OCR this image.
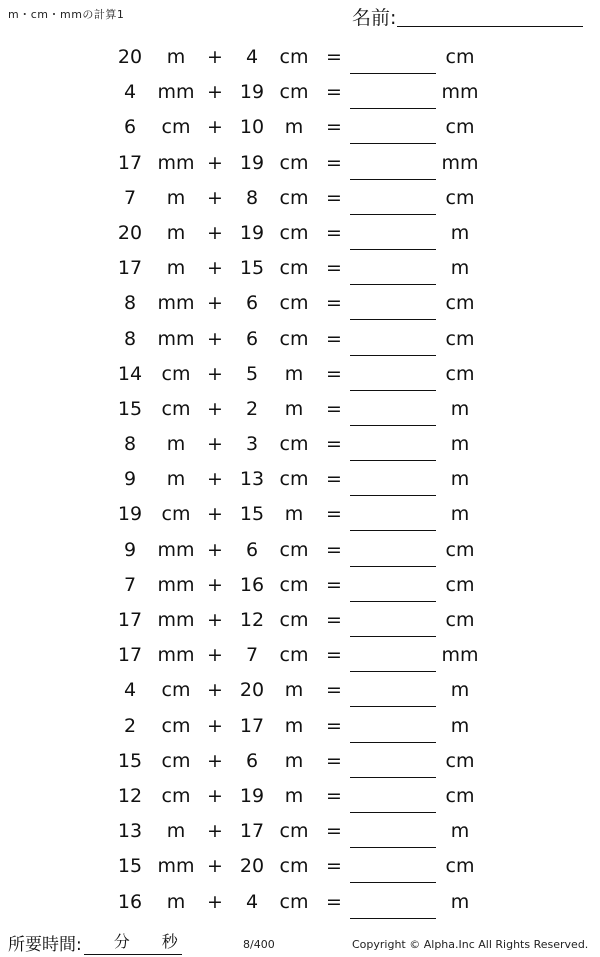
m・cm・mmの計算1	名前:
20	m	+	4	cm =	cm
4	mm + 19 cm =	mm
6	cm + 10	m	=	cm
17 mm + 19 cm =	mm
7	m	+	8	cm =	cm
20	m	+ 19 cm =	m
17	m	+ 15 cm =	m
8	mm +	6	cm =	cm
8	mm +	6	cm =	cm
14	cm +	5	m	=	cm
15	cm +	2	m	=	m
8	m	+	3	cm =	m
9	m	+ 13 cm =	m
19	cm + 15	m	=	m
9	mm +	6	cm =	cm
7	mm + 16 cm =	cm
17 mm + 12 cm =	cm
17 mm +	7	cm =	mm
4	cm + 20	m	=	m
2	cm + 17	m	=	m
15	cm +	6	m	=	cm
12	cm + 19	m	=	cm
13	m	+ 17 cm =	m
15 mm + 20 cm =	cm
16	m	+	4	cm =	m
所要時間: 分 秒	8/400	Copyright © Alpha.Inc All Rights Reserved.
